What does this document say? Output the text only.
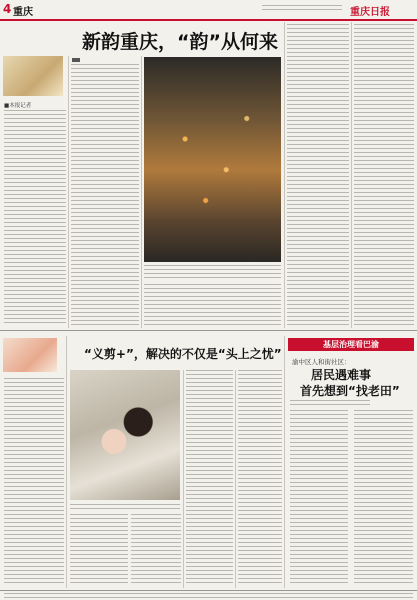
4 重庆	重庆日报
新韵重庆，“韵”从何来
■本报记者
“义剪+”，解决的不仅是“头上之忧”
基层治理看巴渝
渝中区人和街社区：
居民遇难事
首先想到“找老田”
